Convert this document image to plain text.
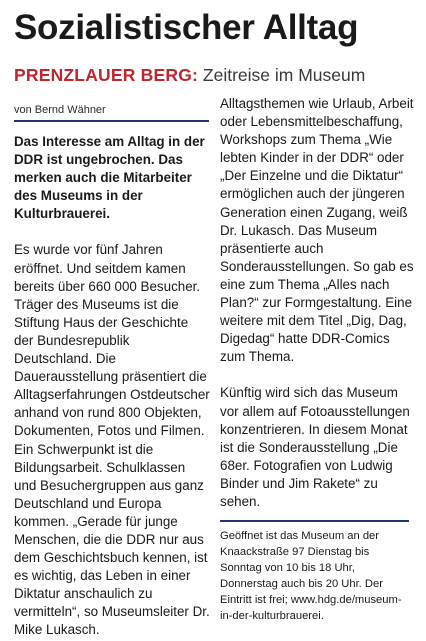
Sozialistischer Alltag
PRENZLAUER BERG: Zeitreise im Museum
von Bernd Wähner

Das Interesse am Alltag in der DDR ist ungebrochen. Das merken auch die Mitarbeiter des Museums in der Kulturbrauerei.

Es wurde vor fünf Jahren eröffnet. Und seitdem kamen bereits über 660 000 Besucher. Träger des Museums ist die Stiftung Haus der Geschichte der Bundesrepublik Deutschland. Die Dauerausstellung präsentiert die Alltagserfahrungen Ostdeutscher anhand von rund 800 Objekten, Dokumenten, Fotos und Filmen. Ein Schwerpunkt ist die Bildungsarbeit. Schulklassen und Besuchergruppen aus ganz Deutschland und Europa kommen. „Gerade für junge Menschen, die die DDR nur aus dem Geschichtsbuch kennen, ist es wichtig, das Leben in einer Diktatur anschaulich zu vermitteln“, so Museumsleiter Dr. Mike Lukasch.

Alltagsthemen wie Urlaub, Arbeit oder Lebensmittelbeschaffung, Workshops zum Thema „Wie lebten Kinder in der DDR“ oder „Der Einzelne und die Diktatur“ ermöglichen auch der jüngeren Generation einen Zugang, weiß Dr. Lukasch. Das Museum präsentierte auch Sonderausstellungen. So gab es eine zum Thema „Alles nach Plan?“ zur Formgestaltung. Eine weitere mit dem Titel „Dig, Dag, Digedag“ hatte DDR-Comics zum Thema.

Künftig wird sich das Museum vor allem auf Fotoausstellungen konzentrieren. In diesem Monat ist die Sonderausstellung „Die 68er. Fotografien von Ludwig Binder und Jim Rakete“ zu sehen.

Geöffnet ist das Museum an der Knaackstraße 97 Dienstag bis Sonntag von 10 bis 18 Uhr, Donnerstag auch bis 20 Uhr. Der Eintritt ist frei; www.hdg.de/museum-in-der-kulturbrauerei.
